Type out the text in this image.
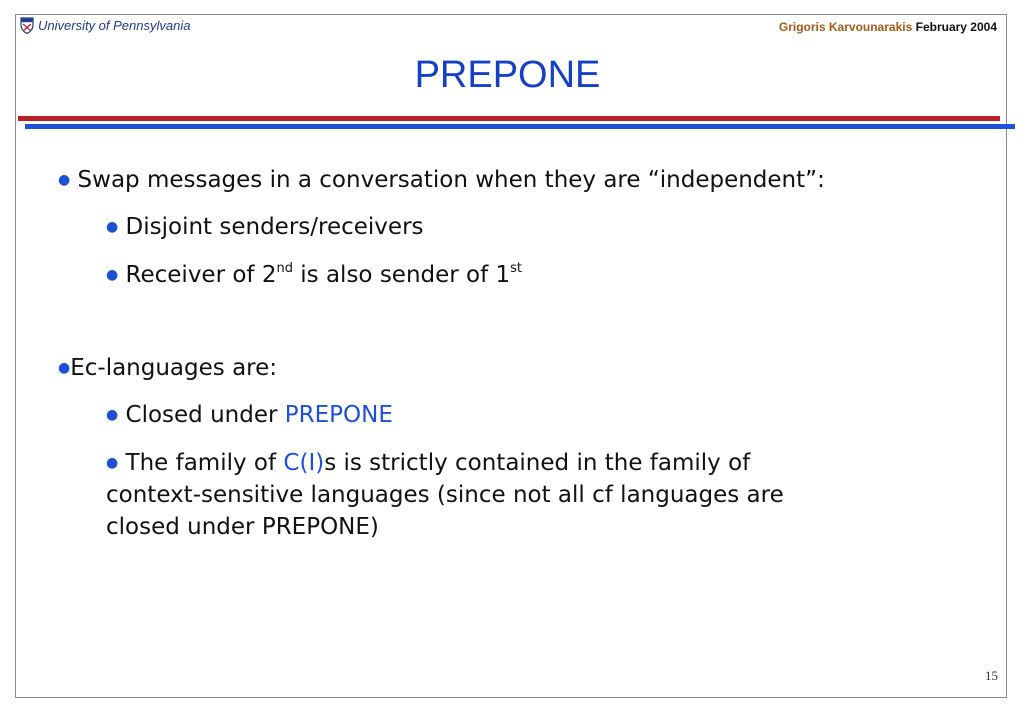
University of Pennsylvania	Grigoris Karvounarakis February 2004
PREPONE
● Swap messages in a conversation when they are “independent”:
● Disjoint senders/receivers
● Receiver of 2nd is also sender of 1st
●Ec-languages are:
● Closed under PREPONE
● The family of C(I)s is strictly contained in the family of
context-sensitive languages (since not all cf languages are
closed under PREPONE)
15
